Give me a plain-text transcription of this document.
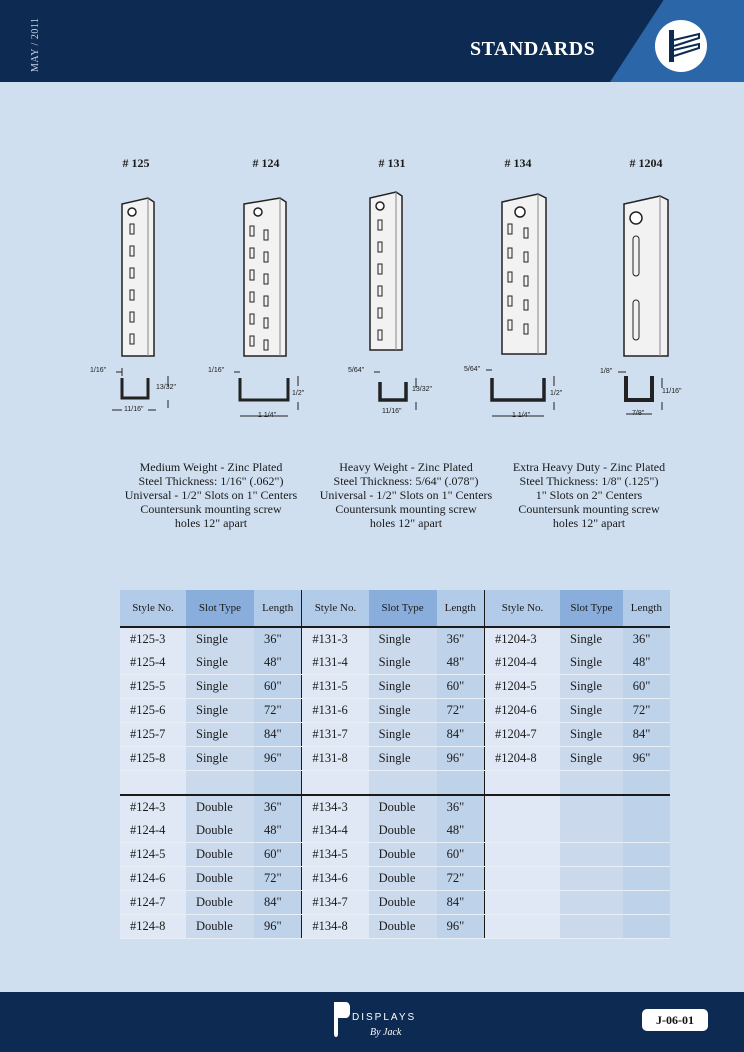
MAY / 2011	STANDARDS
# 125	# 124	# 131	# 134	# 1204
1/16"
13/32"
11/16"
1/16"
1/2"
1 1/4"
5/64"
13/32"
11/16"
5/64"
1/2"
1 1/4"
1/8"
11/16"
7/8"
Medium Weight - Zinc Plated
Steel Thickness: 1/16" (.062")
Universal - 1/2" Slots on 1" Centers
Countersunk mounting screw
holes 12" apart
Heavy Weight - Zinc Plated
Steel Thickness: 5/64" (.078")
Universal - 1/2" Slots on 1" Centers
Countersunk mounting screw
holes 12" apart
Extra Heavy Duty - Zinc Plated
Steel Thickness: 1/8" (.125")
1" Slots on 2" Centers
Countersunk mounting screw
holes 12" apart
Style No.	Slot Type	Length	Style No.	Slot Type	Length	Style No.	Slot Type	Length
#125-3	Single	36"	#131-3	Single	36"	#1204-3	Single	36"
#125-4	Single	48"	#131-4	Single	48"	#1204-4	Single	48"
#125-5	Single	60"	#131-5	Single	60"	#1204-5	Single	60"
#125-6	Single	72"	#131-6	Single	72"	#1204-6	Single	72"
#125-7	Single	84"	#131-7	Single	84"	#1204-7	Single	84"
#125-8	Single	96"	#131-8	Single	96"	#1204-8	Single	96"

#124-3	Double	36"	#134-3	Double	36"			
#124-4	Double	48"	#134-4	Double	48"			
#124-5	Double	60"	#134-5	Double	60"			
#124-6	Double	72"	#134-6	Double	72"			
#124-7	Double	84"	#134-7	Double	84"			
#124-8	Double	96"	#134-8	Double	96"			
DISPLAYS
By Jack
J-06-01
